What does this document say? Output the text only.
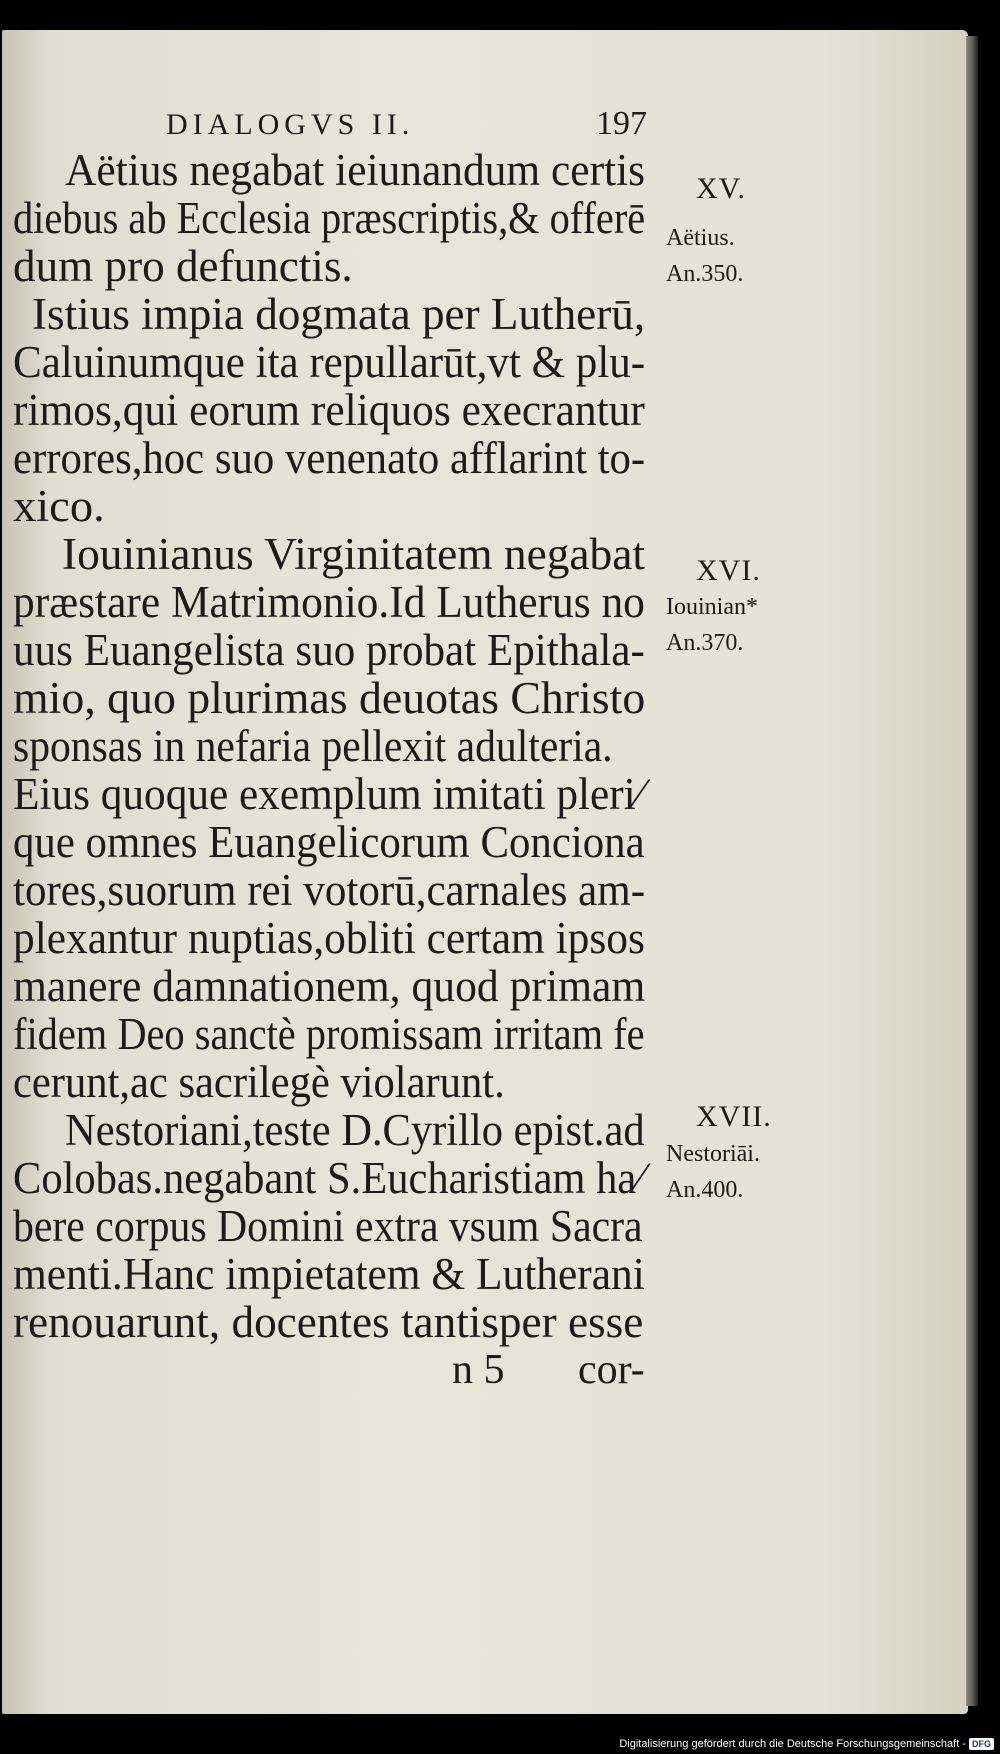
DIALOGVS II.	197
Aëtius negabat ieiunandum certis
diebus ab Ecclesia præscriptis,& offerē
dum pro defunctis.
Istius impia dogmata per Lutherū,
Caluinumque ita repullarūt,vt & plu-
rimos,qui eorum reliquos execrantur
errores,hoc suo venenato afflarint to-
xico.
Iouinianus Virginitatem negabat
præstare Matrimonio.Id Lutherus no
uus Euangelista suo probat Epithala-
mio, quo plurimas deuotas Christo
sponsas in nefaria pellexit adulteria.
Eius quoque exemplum imitati pleri∕
que omnes Euangelicorum Conciona
tores,suorum rei votorū,carnales am-
plexantur nuptias,obliti certam ipsos
manere damnationem, quod primam
fidem Deo sanctè promissam irritam fe
cerunt,ac sacrilegè violarunt.
Nestoriani,teste D.Cyrillo epist.ad
Colobas.negabant S.Eucharistiam ha∕
bere corpus Domini extra vsum Sacra
menti.Hanc impietatem & Lutherani
renouarunt, docentes tantisper esse
n 5 cor-
XV.
Aëtius.
An.350.
XVI.
Iouinian*
An.370.
XVII.
Nestoriāi.
An.400.
Digitalisierung gefördert durch die Deutsche Forschungsgemeinschaft - DFG
